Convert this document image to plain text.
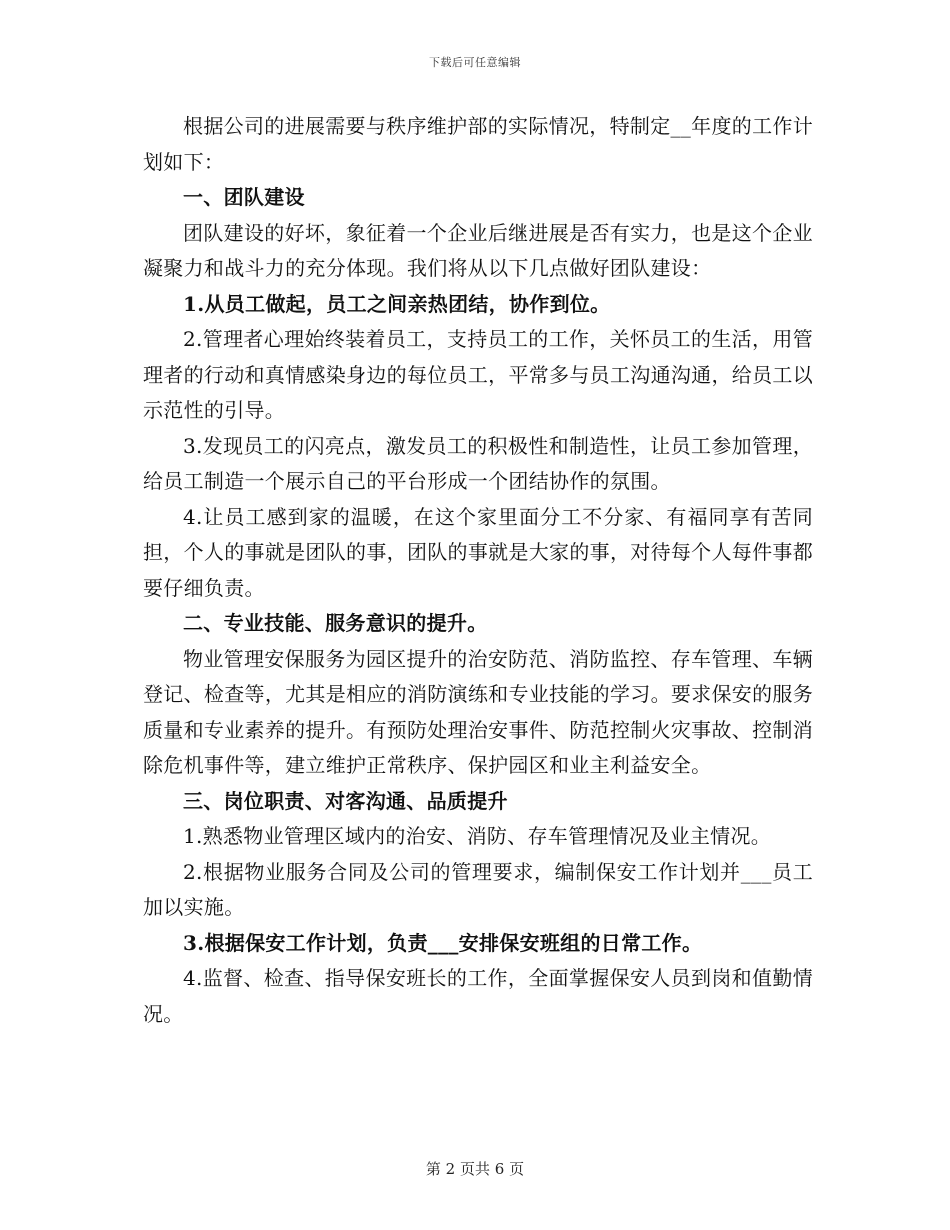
下载后可任意编辑

根据公司的进展需要与秩序维护部的实际情况，特制定__年度的工作计划如下：

一、团队建设

团队建设的好坏，象征着一个企业后继进展是否有实力，也是这个企业凝聚力和战斗力的充分体现。我们将从以下几点做好团队建设：

1.从员工做起，员工之间亲热团结，协作到位。

2.管理者心理始终装着员工，支持员工的工作，关怀员工的生活，用管理者的行动和真情感染身边的每位员工，平常多与员工沟通沟通，给员工以示范性的引导。

3.发现员工的闪亮点，激发员工的积极性和制造性，让员工参加管理，给员工制造一个展示自己的平台形成一个团结协作的氛围。

4.让员工感到家的温暖，在这个家里面分工不分家、有福同享有苦同担，个人的事就是团队的事，团队的事就是大家的事，对待每个人每件事都要仔细负责。

二、专业技能、服务意识的提升。

物业管理安保服务为园区提升的治安防范、消防监控、存车管理、车辆登记、检查等，尤其是相应的消防演练和专业技能的学习。要求保安的服务质量和专业素养的提升。有预防处理治安事件、防范控制火灾事故、控制消除危机事件等，建立维护正常秩序、保护园区和业主利益安全。

三、岗位职责、对客沟通、品质提升

1.熟悉物业管理区域内的治安、消防、存车管理情况及业主情况。

2.根据物业服务合同及公司的管理要求，编制保安工作计划并___员工加以实施。

3.根据保安工作计划，负责___安排保安班组的日常工作。

4.监督、检查、指导保安班长的工作，全面掌握保安人员到岗和值勤情况。

第 2 页共 6 页
